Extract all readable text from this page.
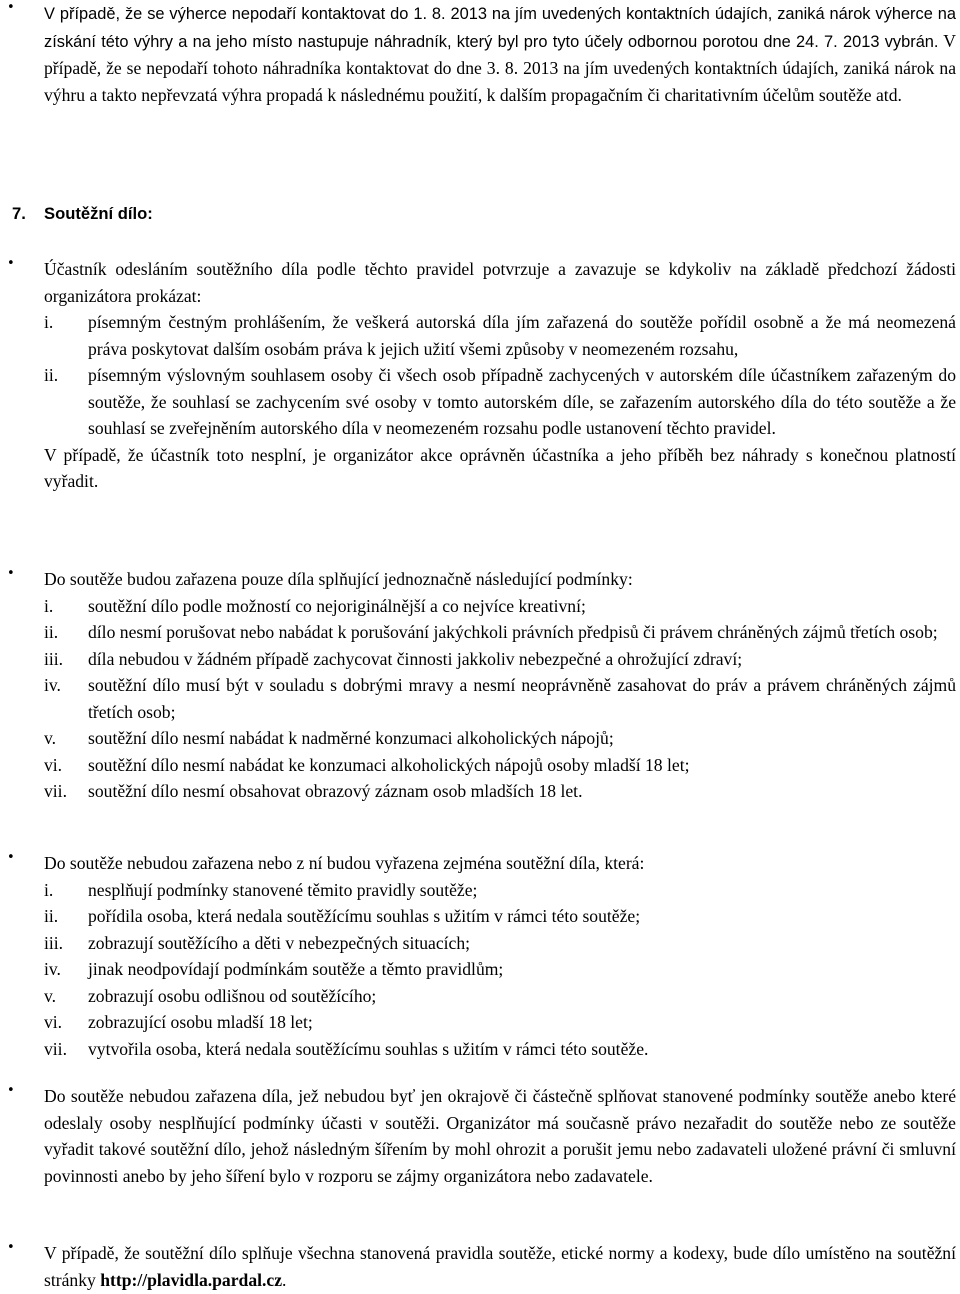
• V případě, že se výherce nepodaří kontaktovat do 1. 8. 2013 na jím uvedených kontaktních údajích, zaniká nárok výherce na získání této výhry a na jeho místo nastupuje náhradník, který byl pro tyto účely odbornou porotou dne 24. 7. 2013 vybrán. V případě, že se nepodaří tohoto náhradníka kontaktovat do dne 3. 8. 2013 na jím uvedených kontaktních údajích, zaniká nárok na výhru a takto nepřevzatá výhra propadá k následnému použití, k dalším propagačním či charitativním účelům soutěže atd.

7. Soutěžní dílo:
• Účastník odesláním soutěžního díla podle těchto pravidel potvrzuje a zavazuje se kdykoliv na základě předchozí žádosti organizátora prokázat:

i. písemným čestným prohlášením, že veškerá autorská díla jím zařazená do soutěže pořídil osobně a že má neomezená práva poskytovat dalším osobám práva k jejich užití všemi způsoby v neomezeném rozsahu,
ii. písemným výslovným souhlasem osoby či všech osob případně zachycených v autorském díle účastníkem zařazeným do soutěže, že souhlasí se zachycením své osoby v tomto autorském díle, se zařazením autorského díla do této soutěže a že souhlasí se zveřejněním autorského díla v neomezeném rozsahu podle ustanovení těchto pravidel.

V případě, že účastník toto nesplní, je organizátor akce oprávněn účastníka a jeho příběh bez náhrady s konečnou platností vyřadit.

• Do soutěže budou zařazena pouze díla splňující jednoznačně následující podmínky:

i. soutěžní dílo podle možností co nejoriginálnější a co nejvíce kreativní;
ii. dílo nesmí porušovat nebo nabádat k porušování jakýchkoli právních předpisů či právem chráněných zájmů třetích osob;
iii. díla nebudou v žádném případě zachycovat činnosti jakkoliv nebezpečné a ohrožující zdraví;
iv. soutěžní dílo musí být v souladu s dobrými mravy a nesmí neoprávněně zasahovat do práv a právem chráněných zájmů třetích osob;
v. soutěžní dílo nesmí nabádat k nadměrné konzumaci alkoholických nápojů;
vi. soutěžní dílo nesmí nabádat ke konzumaci alkoholických nápojů osoby mladší 18 let;
vii. soutěžní dílo nesmí obsahovat obrazový záznam osob mladších 18 let.
• Do soutěže nebudou zařazena nebo z ní budou vyřazena zejména soutěžní díla, která:

i. nesplňují podmínky stanovené těmito pravidly soutěže;
ii. pořídila osoba, která nedala soutěžícímu souhlas s užitím v rámci této soutěže;
iii. zobrazují soutěžícího a děti v nebezpečných situacích;
iv. jinak neodpovídají podmínkám soutěže a těmto pravidlům;
v. zobrazují osobu odlišnou od soutěžícího;
vi. zobrazující osobu mladší 18 let;
vii. vytvořila osoba, která nedala soutěžícímu souhlas s užitím v rámci této soutěže.
• Do soutěže nebudou zařazena díla, jež nebudou byť jen okrajově či částečně splňovat stanovené podmínky soutěže anebo které odeslaly osoby nesplňující podmínky účasti v soutěži. Organizátor má současně právo nezařadit do soutěže nebo ze soutěže vyřadit takové soutěžní dílo, jehož následným šířením by mohl ohrozit a porušit jemu nebo zadavateli uložené právní či smluvní povinnosti anebo by jeho šíření bylo v rozporu se zájmy organizátora nebo zadavatele.

• V případě, že soutěžní dílo splňuje všechna stanovená pravidla soutěže, etické normy a kodexy, bude dílo umístěno na soutěžní stránky http://plavidla.pardal.cz.
